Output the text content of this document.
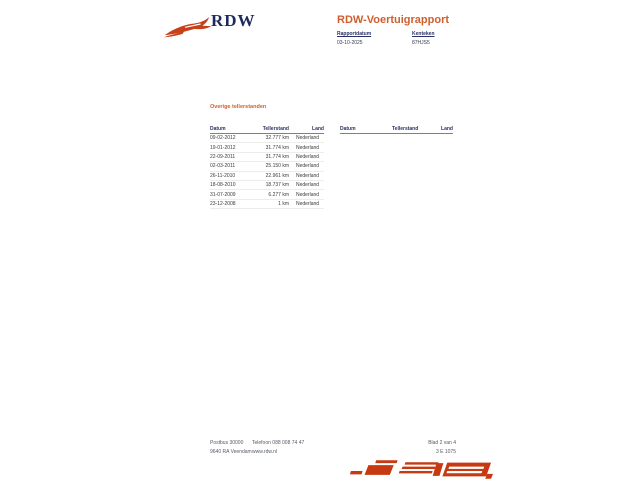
RDW	RDW-Voertuigrapport
Rapportdatum
03-10-2025
Kenteken
87HJS5
Overige tellerstanden
Datum	Tellerstand	Land
09-02-2012	32.777 km	Nederland
19-01-2012	31.774 km	Nederland
22-09-2011	31.774 km	Nederland
02-03-2011	25.150 km	Nederland
26-11-2010	22.961 km	Nederland
18-08-2010	18.737 km	Nederland
31-07-2009	6.277 km	Nederland
23-12-2008	1 km	Nederland
Datum	Tellerstand	Land
Postbus 30000
9640 RA Veendam
Telefoon 088 008 74 47
www.rdw.nl
Blad 2 van 4
3 E 1075
